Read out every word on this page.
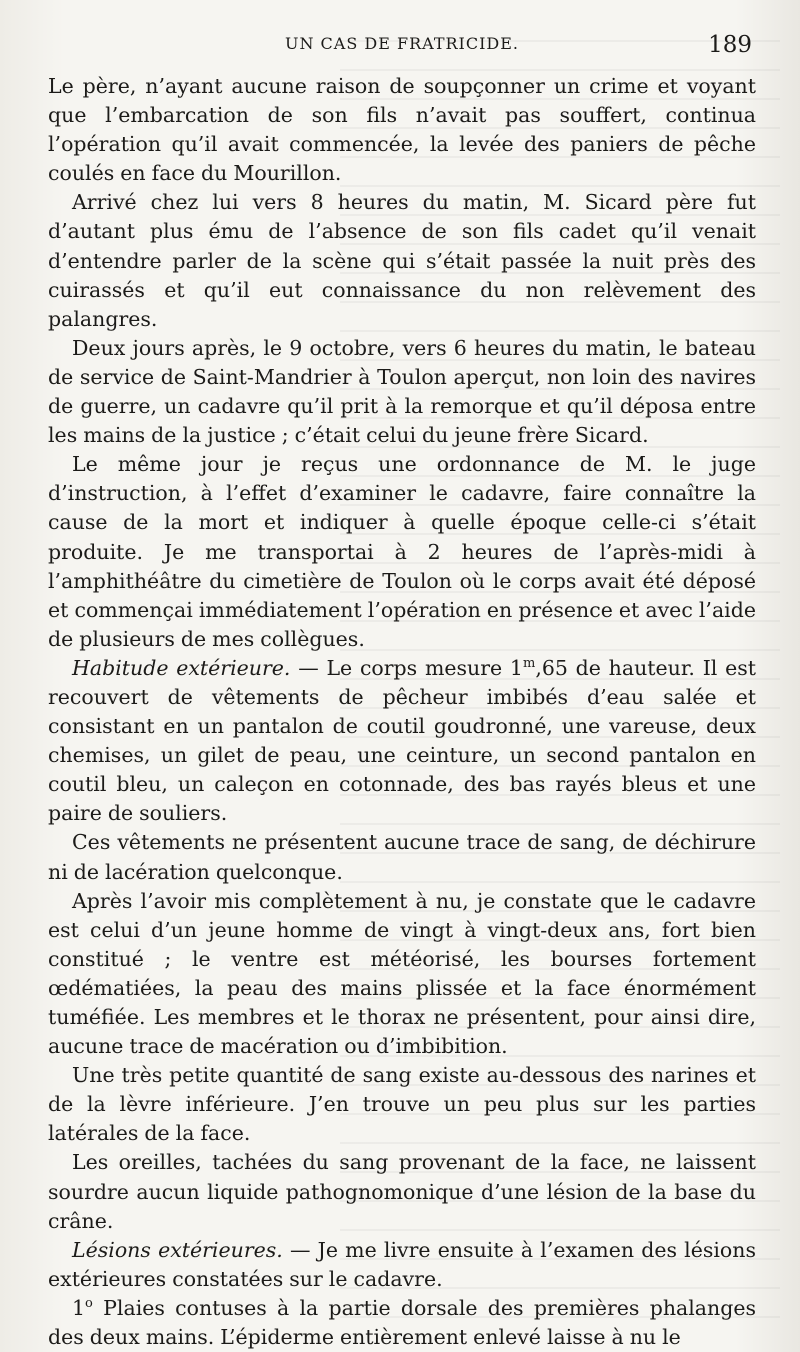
UN CAS DE FRATRICIDE.	189

Le père, n’ayant aucune raison de soupçonner un crime et voyant que l’embarcation de son fils n’avait pas souffert, continua l’opération qu’il avait commencée, la levée des paniers de pêche coulés en face du Mourillon.

Arrivé chez lui vers 8 heures du matin, M. Sicard père fut d’autant plus ému de l’absence de son fils cadet qu’il venait d’entendre parler de la scène qui s’était passée la nuit près des cuirassés et qu’il eut connaissance du non relèvement des palangres.

Deux jours après, le 9 octobre, vers 6 heures du matin, le bateau de service de Saint-Mandrier à Toulon aperçut, non loin des navires de guerre, un cadavre qu’il prit à la remorque et qu’il déposa entre les mains de la justice ; c’était celui du jeune frère Sicard.

Le même jour je reçus une ordonnance de M. le juge d’instruction, à l’effet d’examiner le cadavre, faire connaître la cause de la mort et indiquer à quelle époque celle-ci s’était produite. Je me transportai à 2 heures de l’après-midi à l’amphithéâtre du cimetière de Toulon où le corps avait été déposé et commençai immédiatement l’opération en présence et avec l’aide de plusieurs de mes collègues.

Habitude extérieure. — Le corps mesure 1$^m$,65 de hauteur. Il est recouvert de vêtements de pêcheur imbibés d’eau salée et consistant en un pantalon de coutil goudronné, une vareuse, deux chemises, un gilet de peau, une ceinture, un second pantalon en coutil bleu, un caleçon en cotonnade, des bas rayés bleus et une paire de souliers.

Ces vêtements ne présentent aucune trace de sang, de déchirure ni de lacération quelconque.

Après l’avoir mis complètement à nu, je constate que le cadavre est celui d’un jeune homme de vingt à vingt-deux ans, fort bien constitué ; le ventre est météorisé, les bourses fortement œdématiées, la peau des mains plissée et la face énormément tuméfiée. Les membres et le thorax ne présentent, pour ainsi dire, aucune trace de macération ou d’imbibition.

Une très petite quantité de sang existe au-dessous des narines et de la lèvre inférieure. J’en trouve un peu plus sur les parties latérales de la face.

Les oreilles, tachées du sang provenant de la face, ne laissent sourdre aucun liquide pathognomonique d’une lésion de la base du crâne.

Lésions extérieures. — Je me livre ensuite à l’examen des lésions extérieures constatées sur le cadavre.

1$^o$ Plaies contuses à la partie dorsale des premières phalanges des deux mains. L’épiderme entièrement enlevé laisse à nu le
